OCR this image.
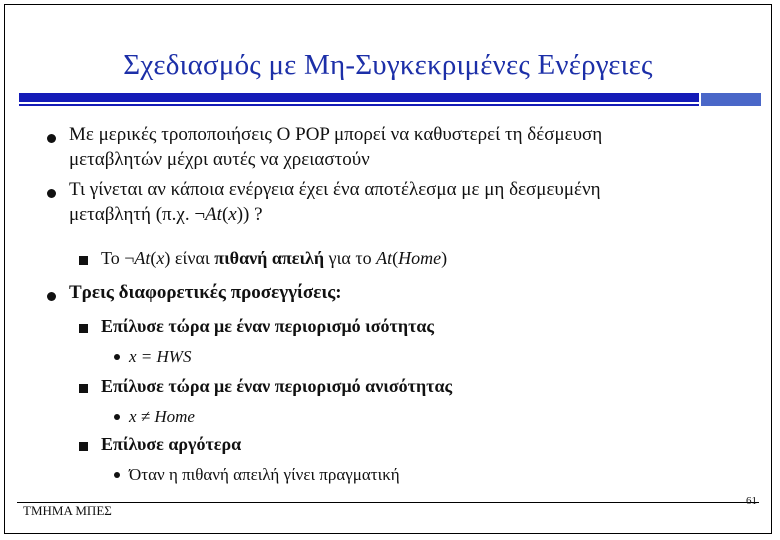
Σχεδιασμός με Μη-Συγκεκριμένες Ενέργειες
Με μερικές τροποποιήσεις Ο POP μπορεί να καθυστερεί τη δέσμευση
μεταβλητών μέχρι αυτές να χρειαστούν
Τι γίνεται αν κάποια ενέργεια έχει ένα αποτέλεσμα με μη δεσμευμένη
μεταβλητή (π.χ. ¬At(x)) ?
Το ¬At(x) είναι πιθανή απειλή για το At(Home)
Τρεις διαφορετικές προσεγγίσεις:
Επίλυσε τώρα με έναν περιορισμό ισότητας
x = HWS
Επίλυσε τώρα με έναν περιορισμό ανισότητας
x ≠ Home
Επίλυσε αργότερα
Όταν η πιθανή απειλή γίνει πραγματική
ΤΜΗΜΑ ΜΠΕΣ
61
